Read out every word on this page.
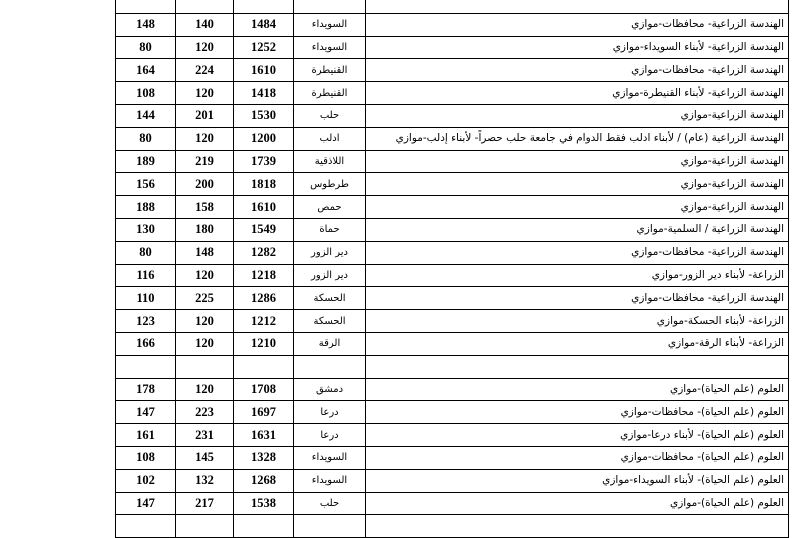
148	140	1484	السويداء	الهندسة الزراعية- محافظات-موازي
80	120	1252	السويداء	الهندسة الزراعية- لأبناء السويداء-موازي
164	224	1610	القنيطرة	الهندسة الزراعية- محافظات-موازي
108	120	1418	القنيطرة	الهندسة الزراعية- لأبناء القنيطرة-موازي
144	201	1530	حلب	الهندسة الزراعية-موازي
80	120	1200	ادلب	الهندسة الزراعية (عام) / لأبناء ادلب فقط الدوام في جامعة حلب حصراً- لأبناء إدلب-موازي
189	219	1739	اللاذقية	الهندسة الزراعية-موازي
156	200	1818	طرطوس	الهندسة الزراعية-موازي
188	158	1610	حمص	الهندسة الزراعية-موازي
130	180	1549	حماة	الهندسة الزراعية / السلمية-موازي
80	148	1282	دير الزور	الهندسة الزراعية- محافظات-موازي
116	120	1218	دير الزور	الزراعة- لأبناء دير الزور-موازي
110	225	1286	الحسكة	الهندسة الزراعية- محافظات-موازي
123	120	1212	الحسكة	الزراعة- لأبناء الحسكة-موازي
166	120	1210	الرقة	الزراعة- لأبناء الرقة-موازي

178	120	1708	دمشق	العلوم (علم الحياة)-موازي
147	223	1697	درعا	العلوم (علم الحياة)- محافظات-موازي
161	231	1631	درعا	العلوم (علم الحياة)- لأبناء درعا-موازي
108	145	1328	السويداء	العلوم (علم الحياة)- محافظات-موازي
102	132	1268	السويداء	العلوم (علم الحياة)- لأبناء السويداء-موازي
147	217	1538	حلب	العلوم (علم الحياة)-موازي
